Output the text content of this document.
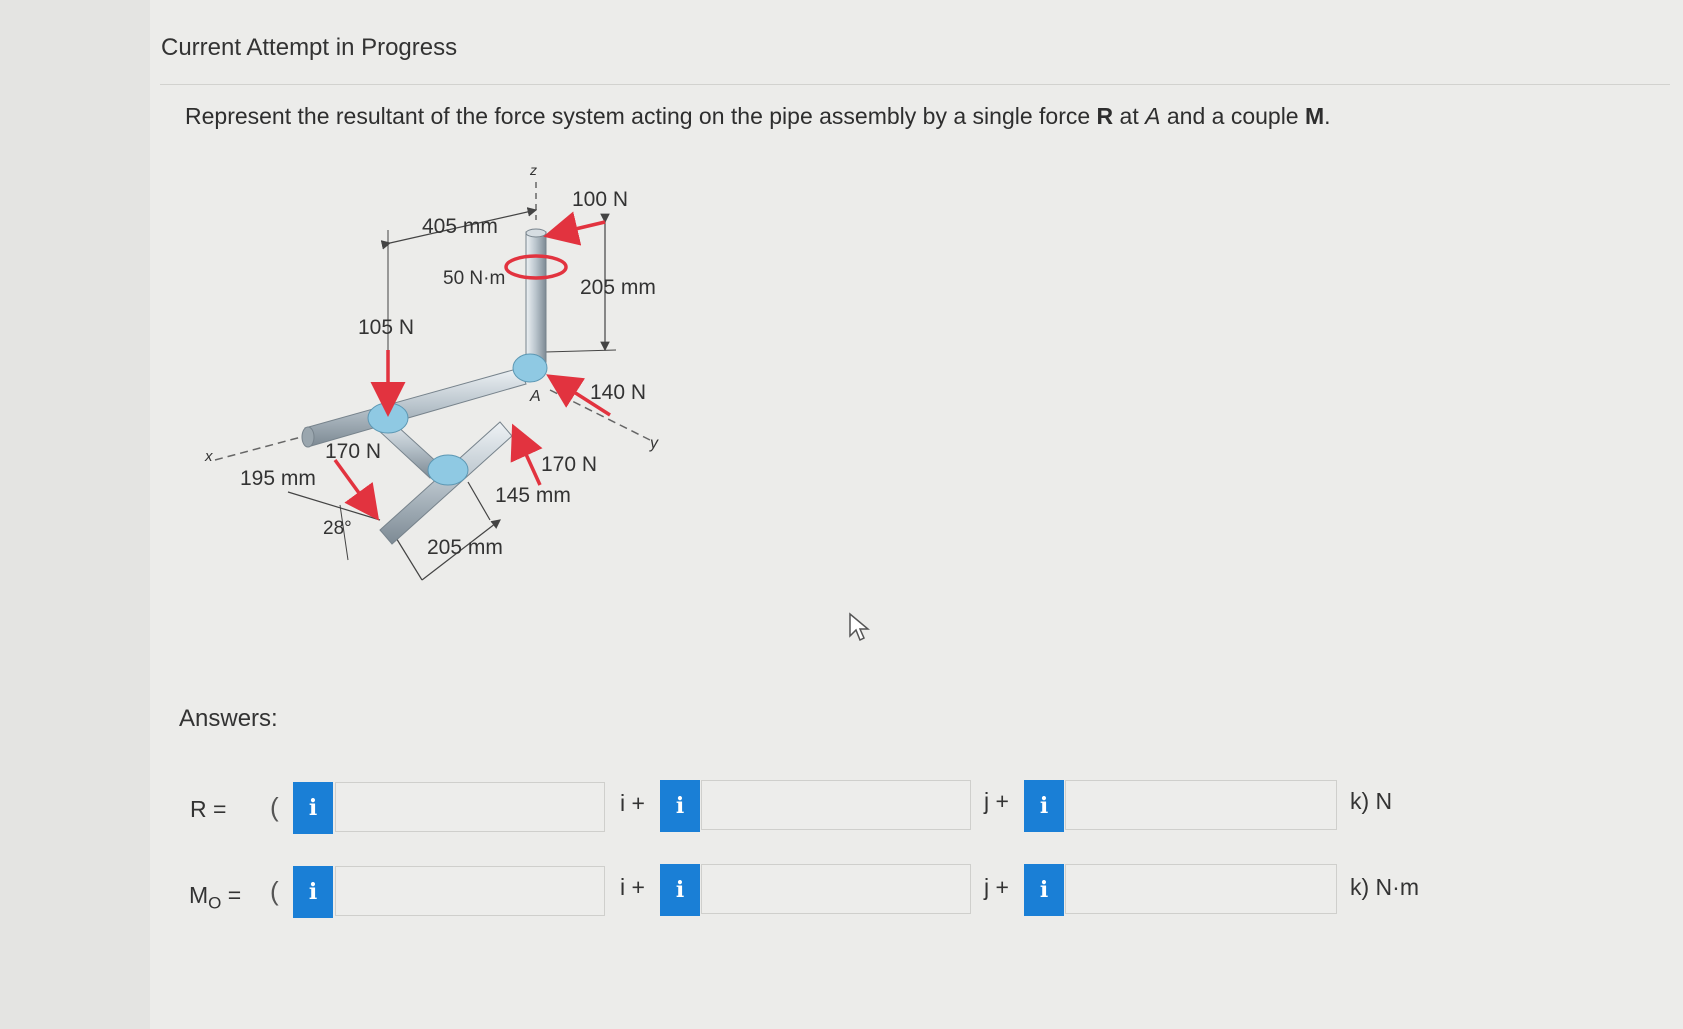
Current Attempt in Progress
Represent the resultant of the force system acting on the pipe assembly by a single force R at A and a couple M.
z
x
y
405 mm
100 N
50 N·m	205 mm
105 N
140 N
A
170 N
170 N
195 mm
145 mm
28°
205 mm
Answers:
R = (	i	i +	i	j +	i	k) N
$M_O$ = (	i	i +	i	j +	i	k) N·m
